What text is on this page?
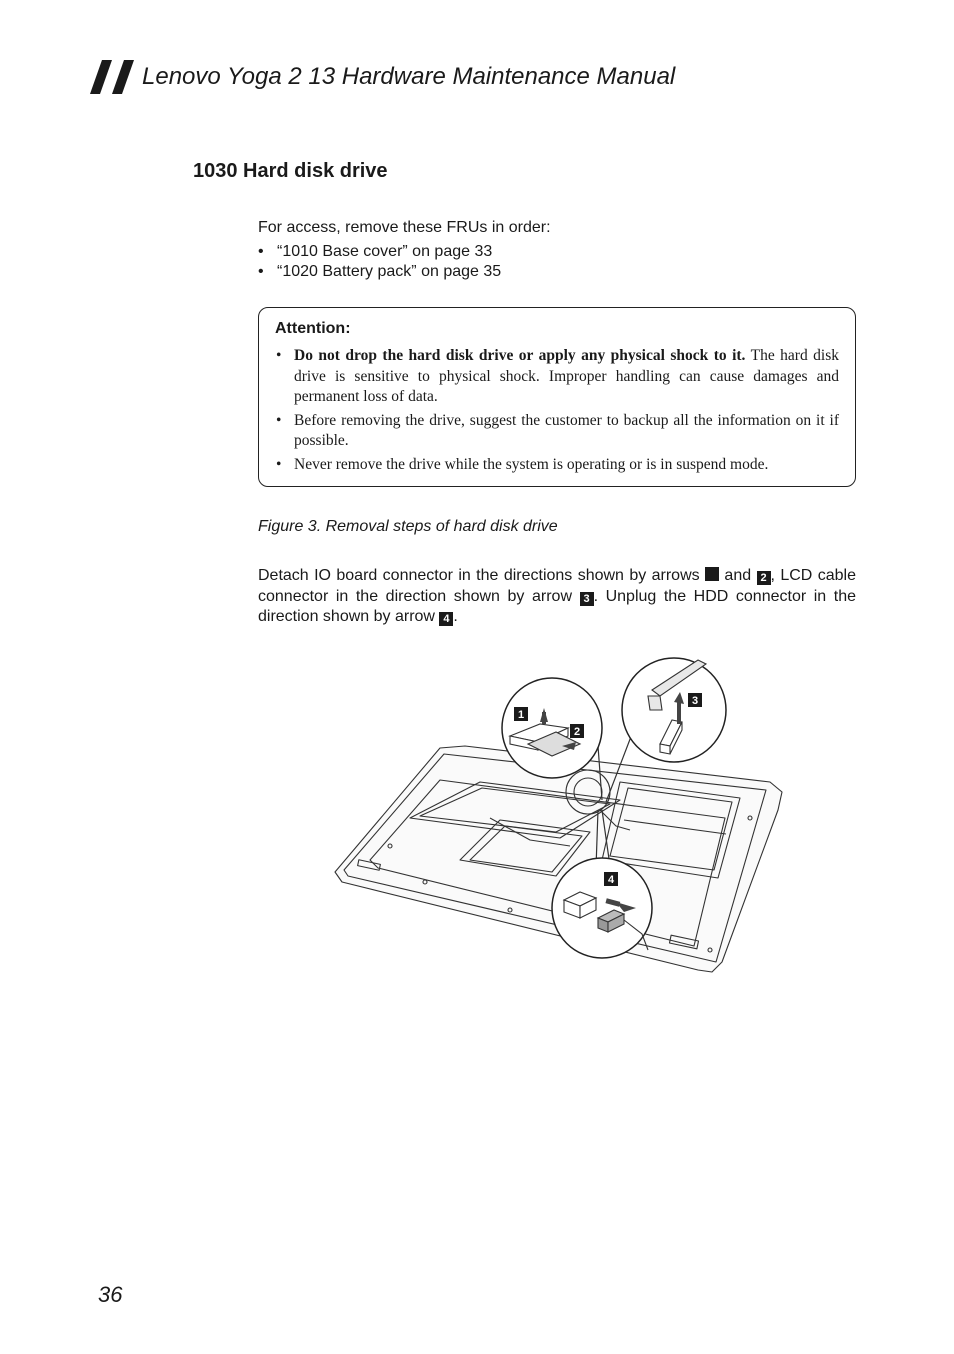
Lenovo Yoga 2 13 Hardware Maintenance Manual
1030 Hard disk drive
For access, remove these FRUs in order:
• “1010 Base cover” on page 33
• “1020 Battery pack” on page 35
Attention:
• Do not drop the hard disk drive or apply any physical shock to it. The hard disk drive is sensitive to physical shock. Improper handling can cause damages and permanent loss of data.
• Before removing the drive, suggest the customer to backup all the information on it if possible.
• Never remove the drive while the system is operating or is in suspend mode.
Figure 3. Removal steps of hard disk drive
Detach IO board connector in the directions shown by arrows  and 2 , LCD cable connector in the direction shown by arrow 3 . Unplug the HDD connector in the direction shown by arrow 4 .
1
2
3
4
36
